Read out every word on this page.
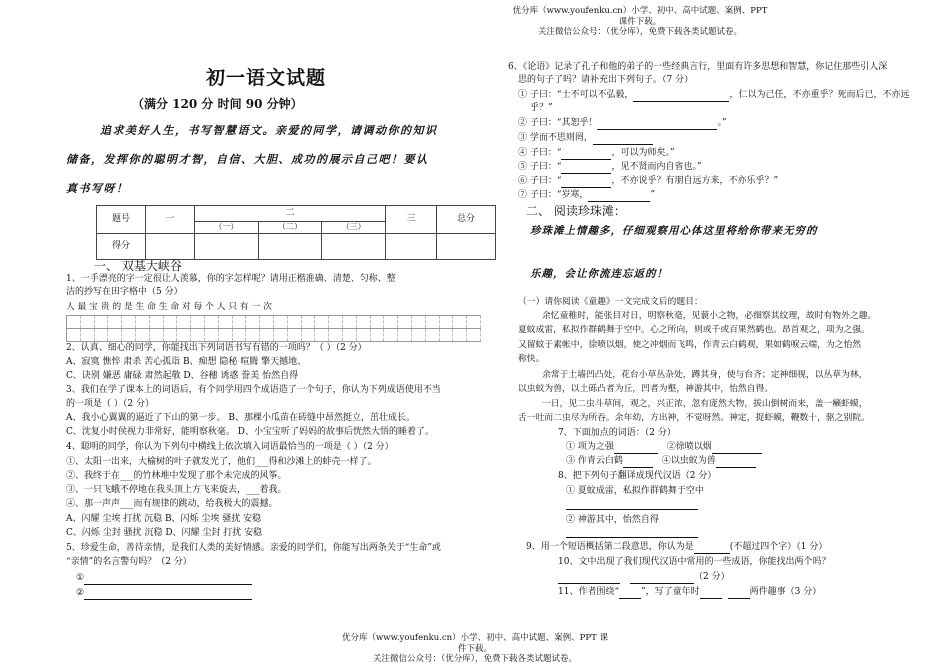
优分库（www.youfenku.cn）小学、初中、高中试题、案例、PPT 课件下载。
关注微信公众号：（优分库），免费下载各类试题试卷。
初一语文试题
（满分 120 分 时间 90 分钟）
追求美好人生，书写智慧语文。亲爱的同学，请调动你的知识
储备，发挥你的聪明才智，自信、大胆、成功的展示自己吧！要认
真书写呀！
题号	一	二			三	总分
		（一）	（二）	（三）		
得分						
一、 双基大峡谷
1、一手漂亮的字一定很让人羡慕，你的字怎样呢？请用正楷准确、清楚、匀称、整
洁的抄写在田字格中（5 分）
人 最 宝 贵 的 是 生 命 生 命 对 每 个 人 只 有 一 次
2、认真、细心的同学，你能找出下列词语书写有错的一项吗？（ ）（2 分）
A、寂寞 憔悴 肃杀 苦心孤诣 B、痴想 隐秘 喧腾 擎天撼地、
C、诀别 嫌恶 庸碌 肃然起敬 D、谷穗 诱惑 誊美 怡然自得
3、我们在学了课本上的词语后，有个同学用四个成语造了一个句子，你认为下列成语使用不当
的一项是（ ）（2 分）
A、我小心翼翼的逼近了下山的第一步。 B、那棵小瓜苗在砖缝中昂然挺立，茁壮成长。
C、沈复小时侯视力非常好，能明察秋毫。 D、小宝宝听了妈妈的故事后恍然大悟的睡着了。
4、聪明的同学，你认为下列句中横线上依次填入词语最恰当的一项是（ ）（2 分）
①、太阳一出来，大榆树的叶子就发光了，他们___得和沙滩上的蚌壳一样了。
②、我终于在___的竹林堆中发现了那个未完成的风筝。
③、一只飞蛾不停地在我头顶上方飞来旋去，___着我。
④、那一声声___而有规律的跳动，给我极大的震撼。
A、闪耀 尘埃 打扰 沉稳 B、闪烁 尘埃 骚扰 安稳
C、闪烁 尘封 骚扰 沉稳 D、闪耀 尘封 打扰 安稳
5、珍爱生命，善待亲情，是我们人类的美好情感。亲爱的同学们，你能写出两条关于“生命”或
“亲情”的名言警句吗？（2 分）
①
②
6、《论语》记录了孔子和他的弟子的一些经典言行，里面有许多思想和智慧，你记住那些引人深
思的句子了吗？请补充出下列句子。（7 分）
① 子曰：“士不可以不弘毅，	，仁以为己任，不亦重乎？死而后已，不亦远
乎？”
② 子曰：“其恕乎！	。”
③ 学而不思则罔，
④ 子曰：“	，可以为师矣。”
⑤ 子曰：“	，见不贤而内自省也。”
⑥ 子曰：“	，不亦说乎？有朋自远方来，不亦乐乎？”
⑦ 子曰：“岁寒，	”
二、 阅读珍珠滩：
珍珠滩上情趣多，仔细观察用心体这里将给你带来无穷的
乐趣，会让你流连忘返的！
（一）请你阅读《童趣》一文完成文后的题目：
余忆童稚时，能张目对日，明察秋毫，见藐小之物，必细察其纹理，故时有物外之趣。
夏蚊成雷，私拟作群鹤舞于空中。心之所向，则或千或百果然鹤也。昂首观之，项为之强。
又留蚊于素帐中，徐喷以烟，使之冲烟而飞鸣，作青云白鹤观，果如鹤唳云端，为之怡然
称快。
余常于土墙凹凸处，花台小草丛杂处，蹲其身，使与台齐；定神细视，以丛草为林，
以虫蚁为兽，以土砾凸者为丘，凹者为壑，神游其中，怡然自得。
一日，见二虫斗草间，观之，兴正浓，忽有庞然大物，拔山倒树而来，盖一癞虾蟆，
舌一吐而二虫尽为所吞。余年幼，方出神，不觉呀然。神定，捉虾蟆，鞭数十，驱之别院。
7、下面加点的词语：（2 分）
① 项为之强	②徐喷以烟
③ 作青云白鹤	④以虫蚁为兽
8、把下列句子翻译成现代汉语（2 分）
① 夏蚊成雷，私拟作群鹤舞于空中
② 神游其中，怡然自得
9、用一个短语概括第二段意思，你认为是	(不超过四个字）（1 分）
10、文中出现了我们现代汉语中常用的一些成语，你能找出两个吗？
（2 分）
11、作者围绕“ ”，写了童年时	两件趣事（3 分）
优分库（www.youfenku.cn）小学、初中、高中试题、案例、PPT 课件下载。
关注微信公众号：（优分库），免费下载各类试题试卷。
